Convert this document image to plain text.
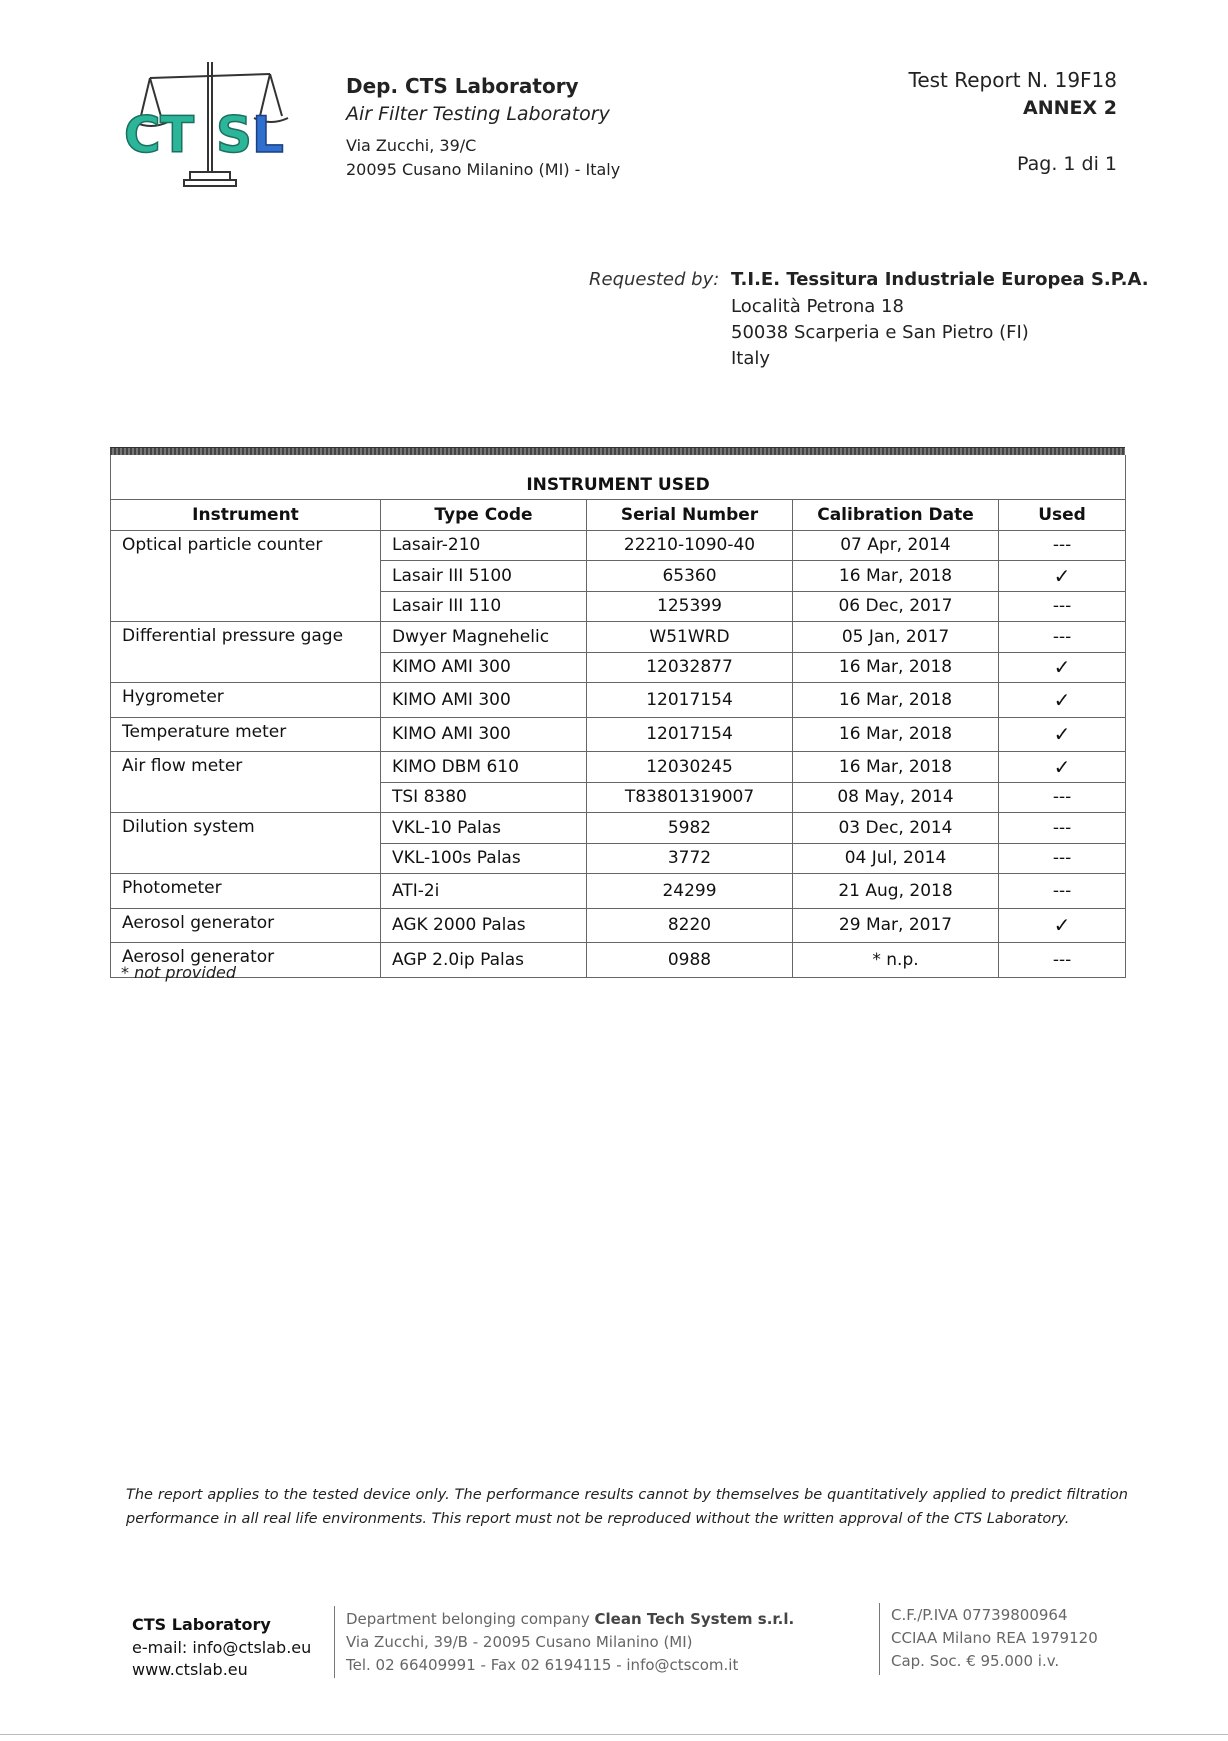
C T S L
Dep. CTS Laboratory
Air Filter Testing Laboratory
Via Zucchi, 39/C
20095 Cusano Milanino (MI) - Italy
Test Report N. 19F18
ANNEX 2
Pag. 1 di 1
Requested by: T.I.E. Tessitura Industriale Europea S.P.A.
Località Petrona 18
50038 Scarperia e San Pietro (FI)
Italy
INSTRUMENT USED				
Instrument	Type Code	Serial Number	Calibration Date	Used
Optical particle counter	Lasair-210	22210-1090-40	07 Apr, 2014	---
	Lasair III 5100	65360	16 Mar, 2018	✓
	Lasair III 110	125399	06 Dec, 2017	---
Differential pressure gage	Dwyer Magnehelic	W51WRD	05 Jan, 2017	---
	KIMO AMI 300	12032877	16 Mar, 2018	✓
Hygrometer	KIMO AMI 300	12017154	16 Mar, 2018	✓
Temperature meter	KIMO AMI 300	12017154	16 Mar, 2018	✓
Air flow meter	KIMO DBM 610	12030245	16 Mar, 2018	✓
	TSI 8380	T83801319007	08 May, 2014	---
Dilution system	VKL-10 Palas	5982	03 Dec, 2014	---
	VKL-100s Palas	3772	04 Jul, 2014	---
Photometer	ATI-2i	24299	21 Aug, 2018	---
Aerosol generator	AGK 2000 Palas	8220	29 Mar, 2017	✓
Aerosol generator	AGP 2.0ip Palas	0988	* n.p.	---
* not provided
The report applies to the tested device only. The performance results cannot by themselves be quantitatively applied to predict filtration performance in all real life environments. This report must not be reproduced without the written approval of the CTS Laboratory.
CTS Laboratory
e-mail: info@ctslab.eu
www.ctslab.eu
Department belonging company Clean Tech System s.r.l.
Via Zucchi, 39/B - 20095 Cusano Milanino (MI)
Tel. 02 66409991 - Fax 02 6194115 - info@ctscom.it
C.F./P.IVA 07739800964
CCIAA Milano REA 1979120
Cap. Soc. € 95.000 i.v.
